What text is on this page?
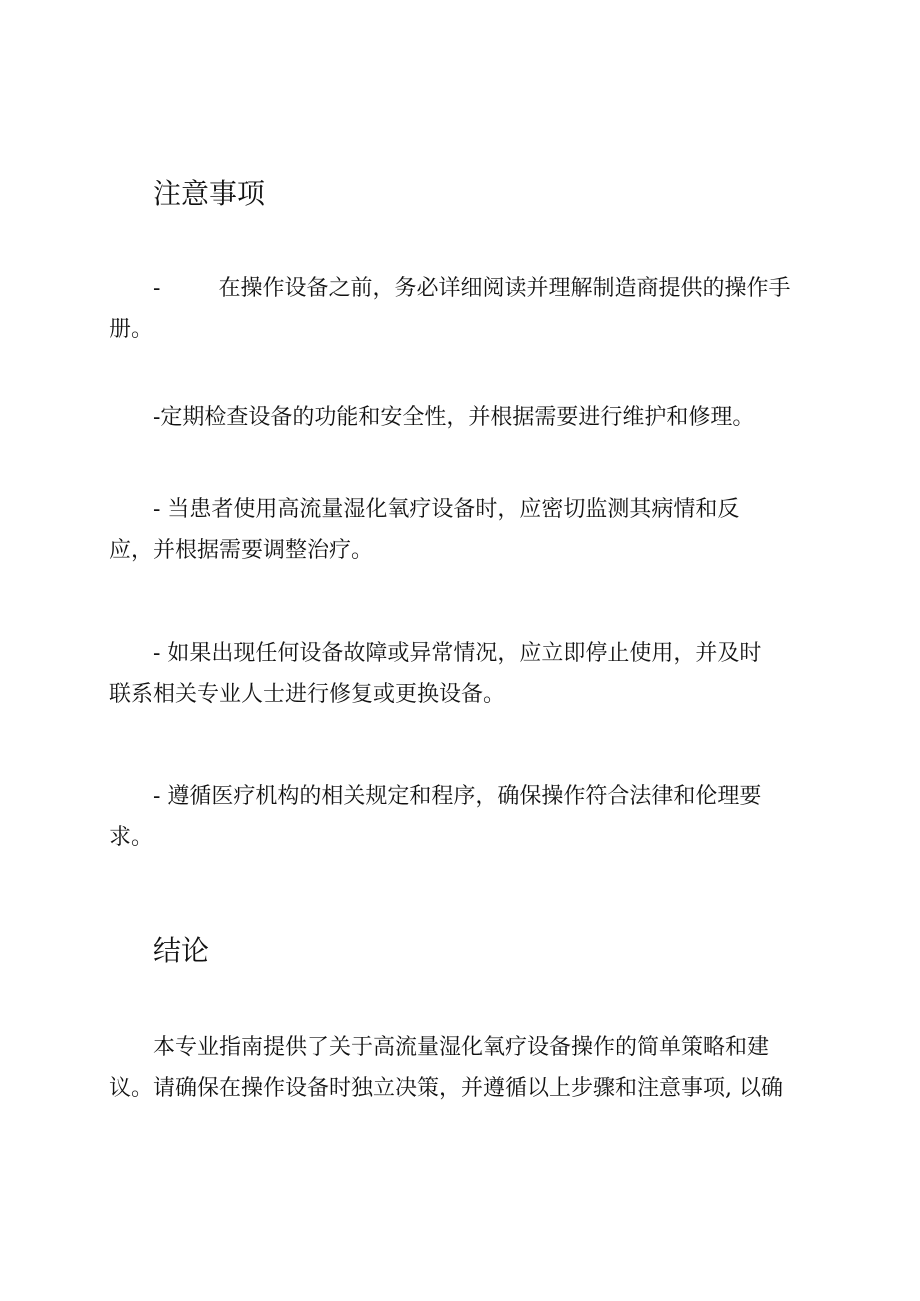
注意事项

-	在操作设备之前，务必详细阅读并理解制造商提供的操作手
册。

-定期检查设备的功能和安全性，并根据需要进行维护和修理。

- 当患者使用高流量湿化氧疗设备时，应密切监测其病情和反
应，并根据需要调整治疗。

- 如果出现任何设备故障或异常情况，应立即停止使用，并及时
联系相关专业人士进行修复或更换设备。

- 遵循医疗机构的相关规定和程序，确保操作符合法律和伦理要
求。

结论

本专业指南提供了关于高流量湿化氧疗设备操作的简单策略和建
议。请确保在操作设备时独立决策，并遵循以上步骤和注意事项, 以确
